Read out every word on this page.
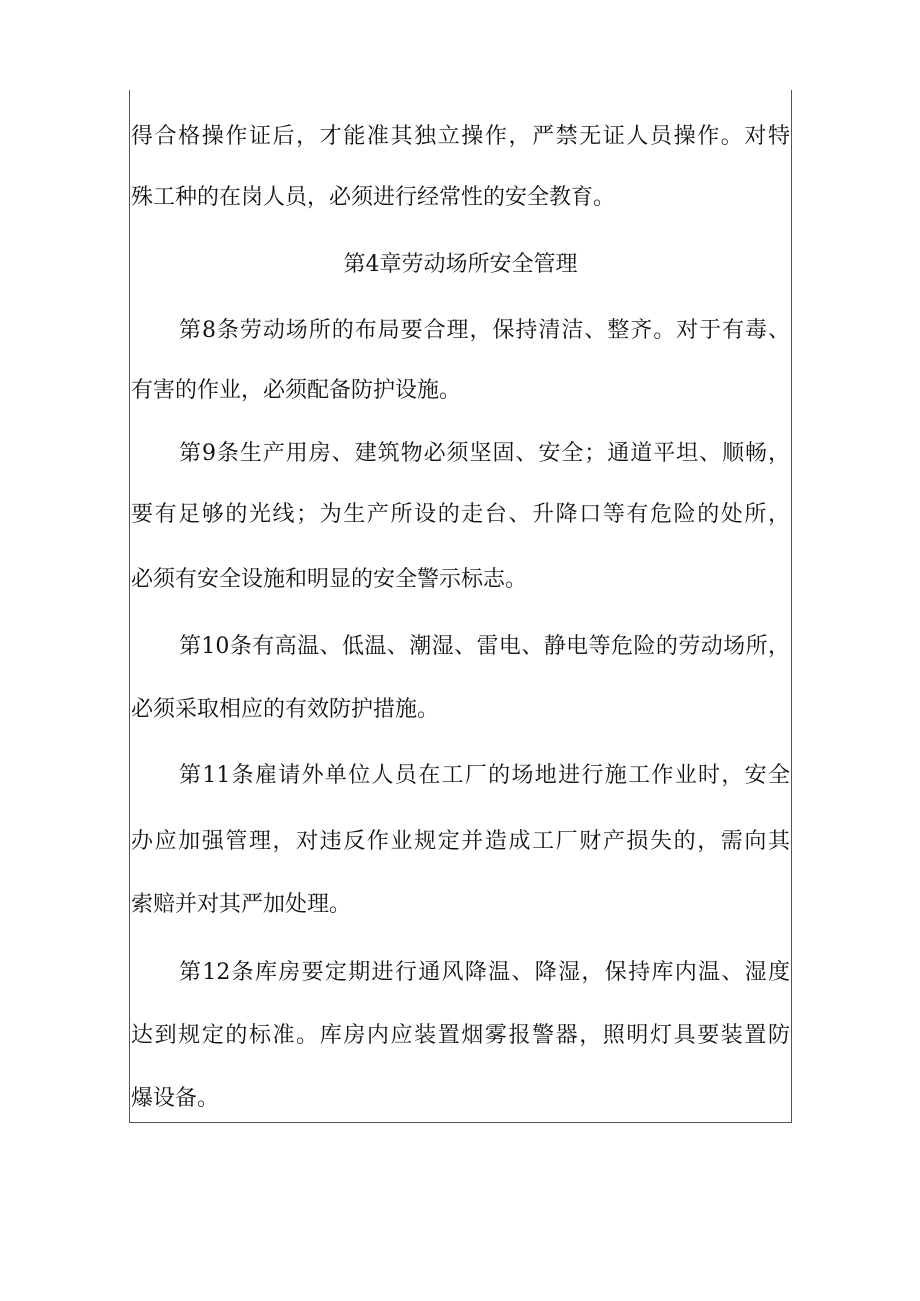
得合格操作证后，才能准其独立操作，严禁无证人员操作。对特
殊工种的在岗人员，必须进行经常性的安全教育。
第4章劳动场所安全管理
第8条劳动场所的布局要合理，保持清洁、整齐。对于有毒、
有害的作业，必须配备防护设施。
第9条生产用房、建筑物必须坚固、安全；通道平坦、顺畅，
要有足够的光线；为生产所设的走台、升降口等有危险的处所，
必须有安全设施和明显的安全警示标志。
第10条有高温、低温、潮湿、雷电、静电等危险的劳动场所，
必须采取相应的有效防护措施。
第11条雇请外单位人员在工厂的场地进行施工作业时，安全
办应加强管理，对违反作业规定并造成工厂财产损失的，需向其
索赔并对其严加处理。
第12条库房要定期进行通风降温、降湿，保持库内温、湿度
达到规定的标准。库房内应装置烟雾报警器，照明灯具要装置防
爆设备。
